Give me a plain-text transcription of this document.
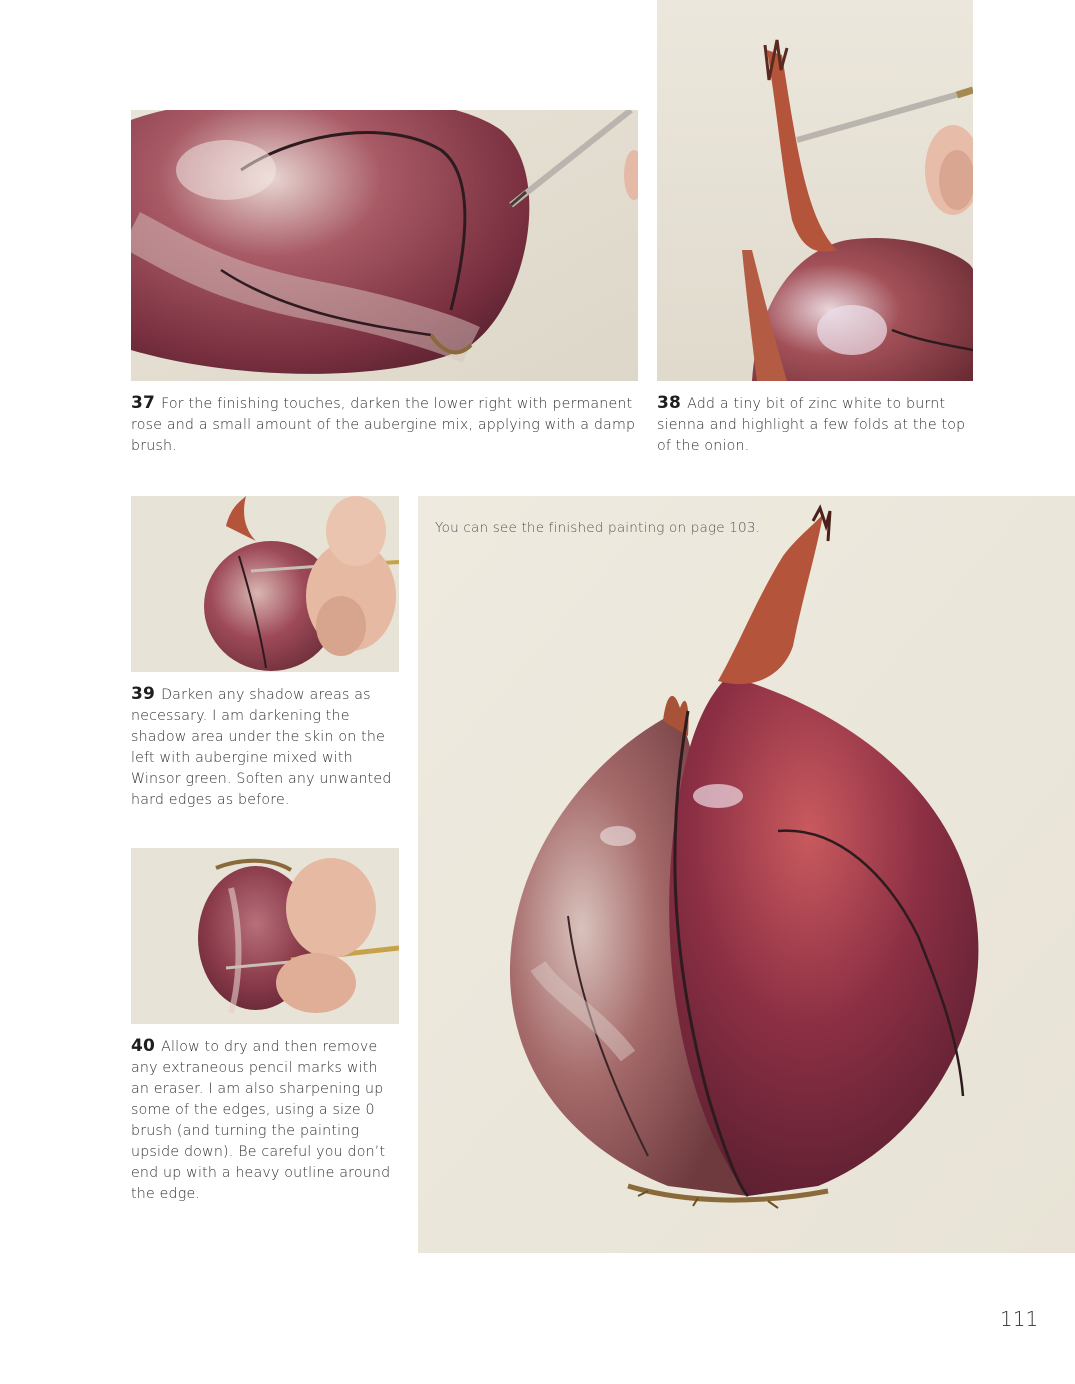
37 For the finishing touches, darken the lower right with permanent rose and a small amount of the aubergine mix, applying with a damp brush.
38 Add a tiny bit of zinc white to burnt sienna and highlight a few folds at the top of the onion.
39 Darken any shadow areas as necessary. I am darkening the shadow area under the skin on the left with aubergine mixed with Winsor green. Soften any unwanted hard edges as before.
40 Allow to dry and then remove any extraneous pencil marks with an eraser. I am also sharpening up some of the edges, using a size 0 brush (and turning the painting upside down). Be careful you don’t end up with a heavy outline around the edge.
You can see the finished painting on page 103.
111
